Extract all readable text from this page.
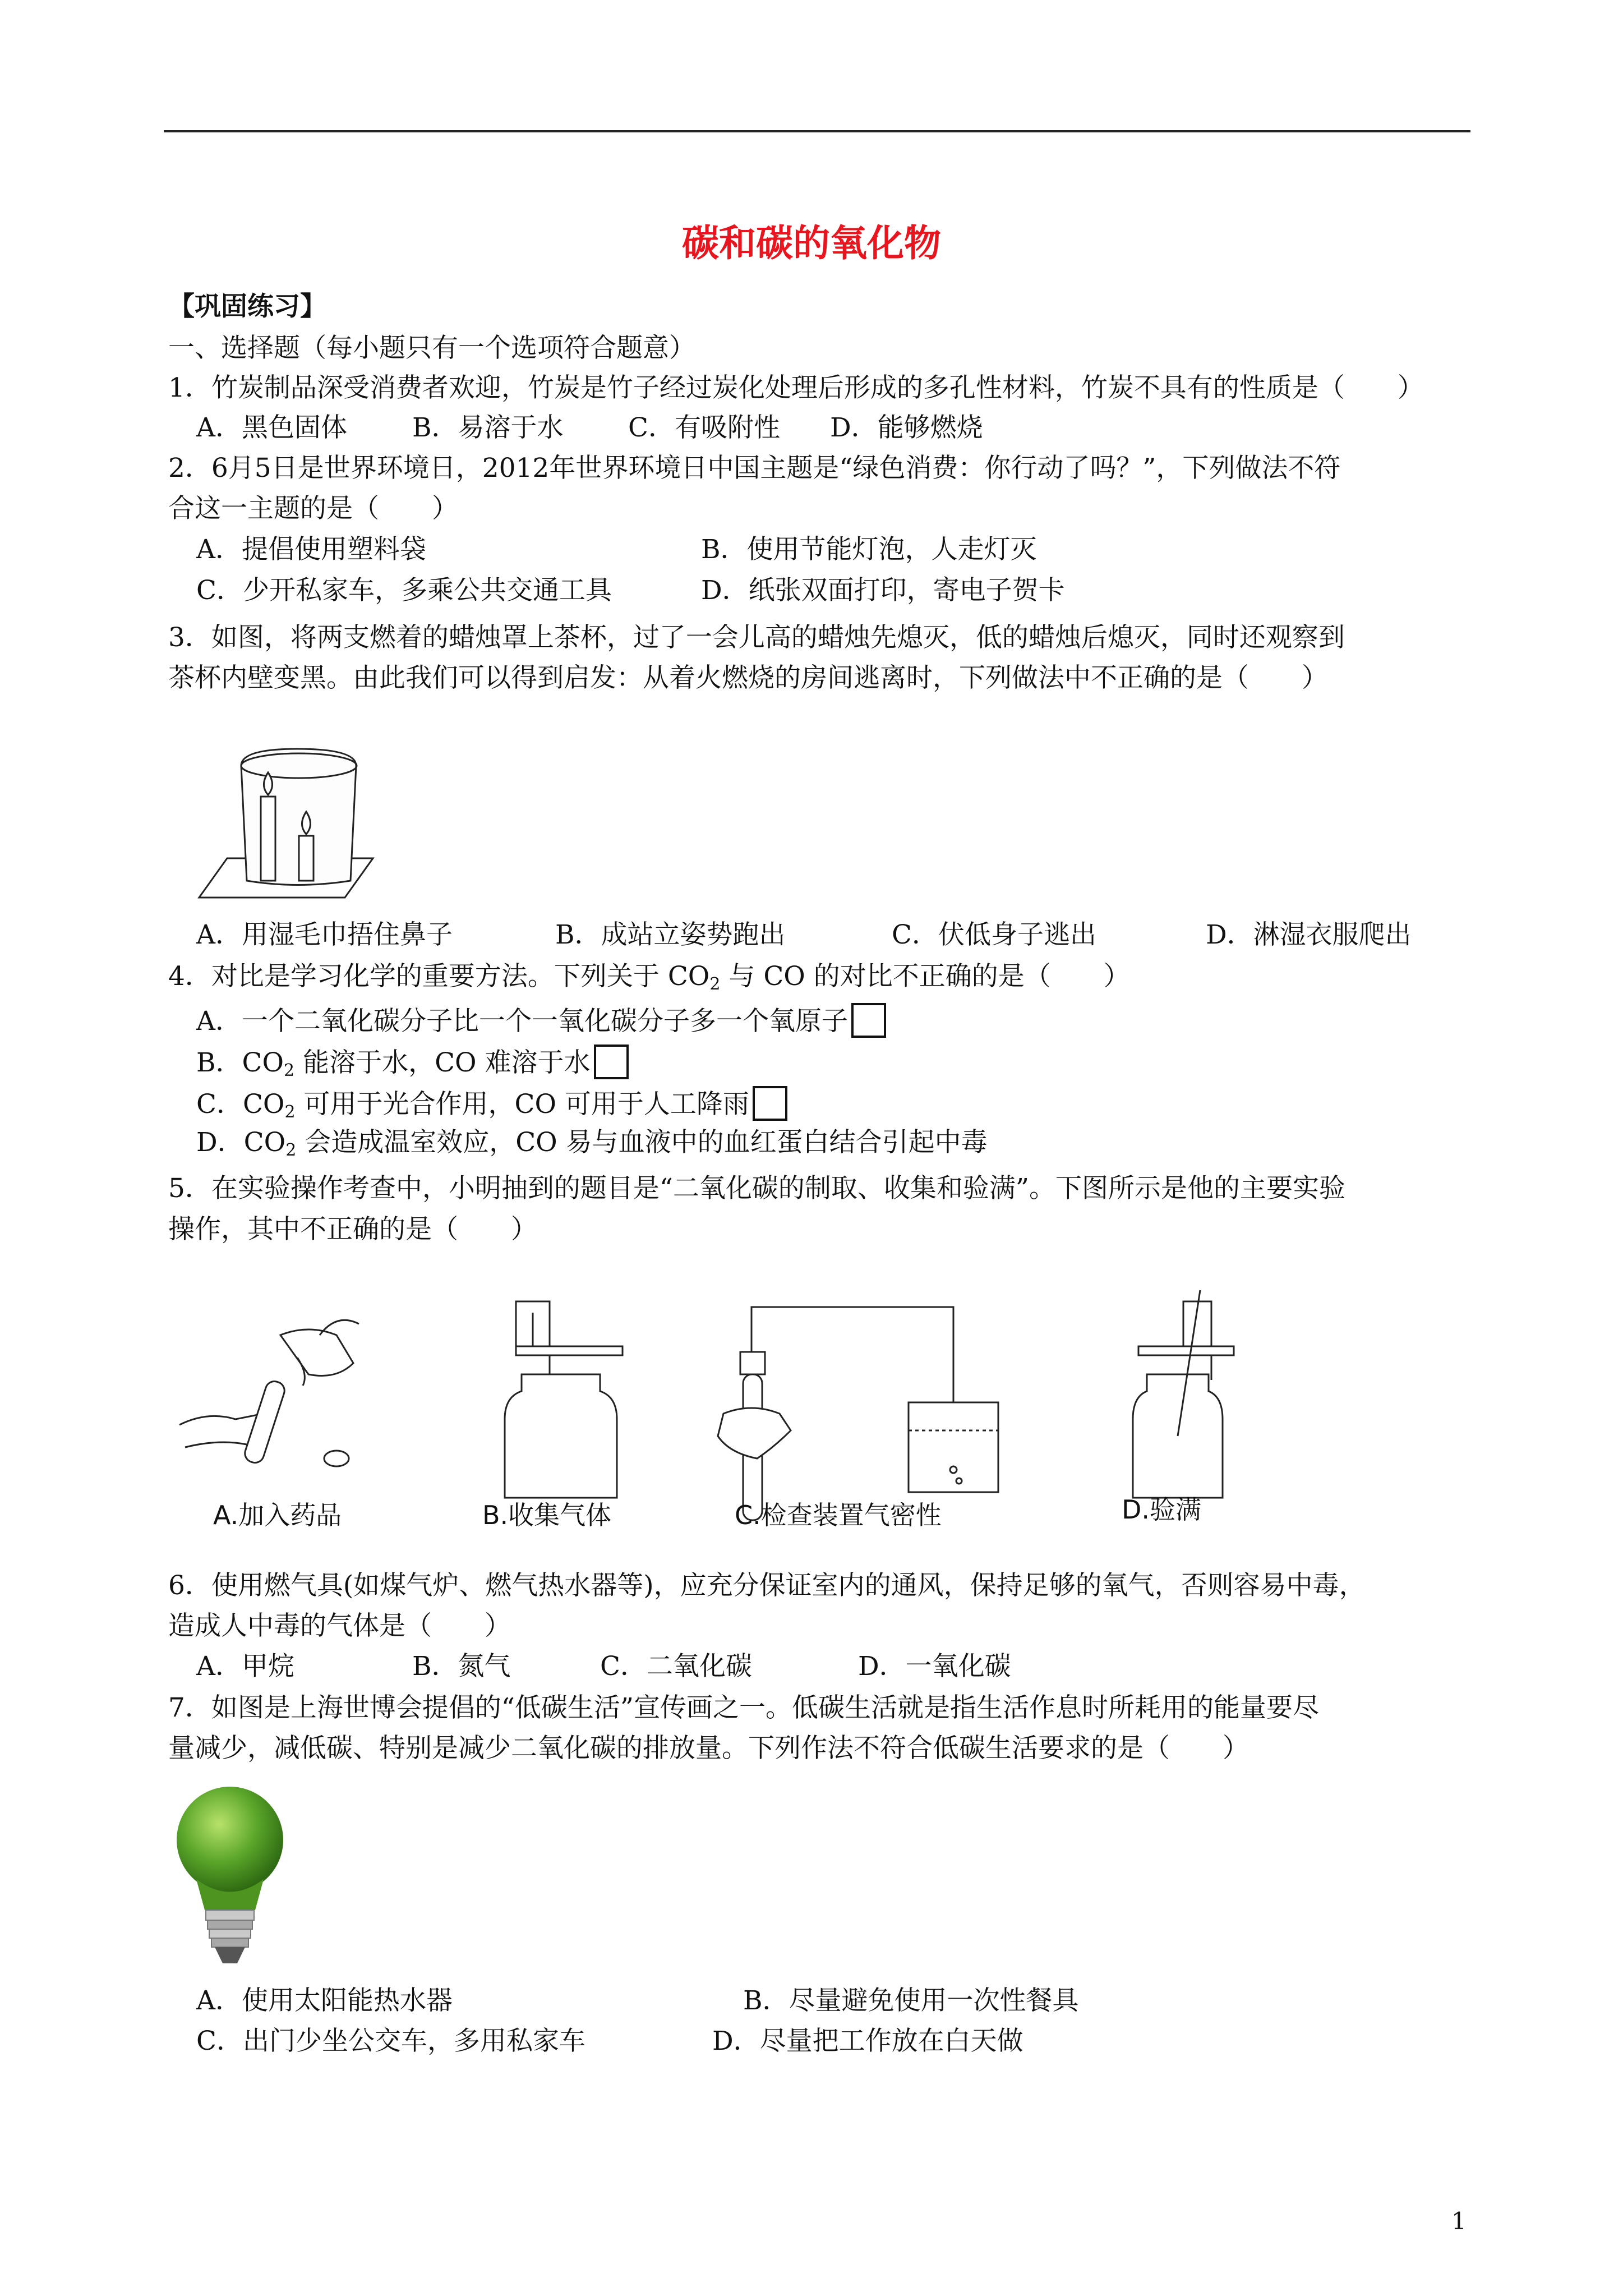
碳和碳的氧化物
【巩固练习】
一、选择题（每小题只有一个选项符合题意）
1．竹炭制品深受消费者欢迎，竹炭是竹子经过炭化处理后形成的多孔性材料，竹炭不具有的性质是（　　）
A．黑色固体 B．易溶于水 C．有吸附性 D．能够燃烧
2．6月5日是世界环境日，2012年世界环境日中国主题是“绿色消费：你行动了吗？”，下列做法不符
合这一主题的是（　　）
A．提倡使用塑料袋	B．使用节能灯泡，人走灯灭
C．少开私家车，多乘公共交通工具	D．纸张双面打印，寄电子贺卡
3．如图，将两支燃着的蜡烛罩上茶杯，过了一会儿高的蜡烛先熄灭，低的蜡烛后熄灭，同时还观察到
茶杯内壁变黑。由此我们可以得到启发：从着火燃烧的房间逃离时，下列做法中不正确的是（　　）
A．用湿毛巾捂住鼻子	B．成站立姿势跑出	C．伏低身子逃出	D．淋湿衣服爬出
4．对比是学习化学的重要方法。下列关于 $CO_2$ 与 CO 的对比不正确的是（　　）
A．一个二氧化碳分子比一个一氧化碳分子多一个氧原子
B．$CO_2$ 能溶于水，CO 难溶于水
C．$CO_2$ 可用于光合作用，CO 可用于人工降雨
D．$CO_2$ 会造成温室效应，CO 易与血液中的血红蛋白结合引起中毒
5．在实验操作考查中，小明抽到的题目是“二氧化碳的制取、收集和验满”。下图所示是他的主要实验
操作，其中不正确的是（　　）
A.加入药品	B.收集气体	C.检查装置气密性	D.验满
6．使用燃气具(如煤气炉、燃气热水器等)，应充分保证室内的通风，保持足够的氧气，否则容易中毒，
造成人中毒的气体是（　　）
A．甲烷	B．氮气	C．二氧化碳	D．一氧化碳
7．如图是上海世博会提倡的“低碳生活”宣传画之一。低碳生活就是指生活作息时所耗用的能量要尽
量减少，减低碳、特别是减少二氧化碳的排放量。下列作法不符合低碳生活要求的是（　　）
A．使用太阳能热水器	B．尽量避免使用一次性餐具
C．出门少坐公交车，多用私家车	D．尽量把工作放在白天做
1
